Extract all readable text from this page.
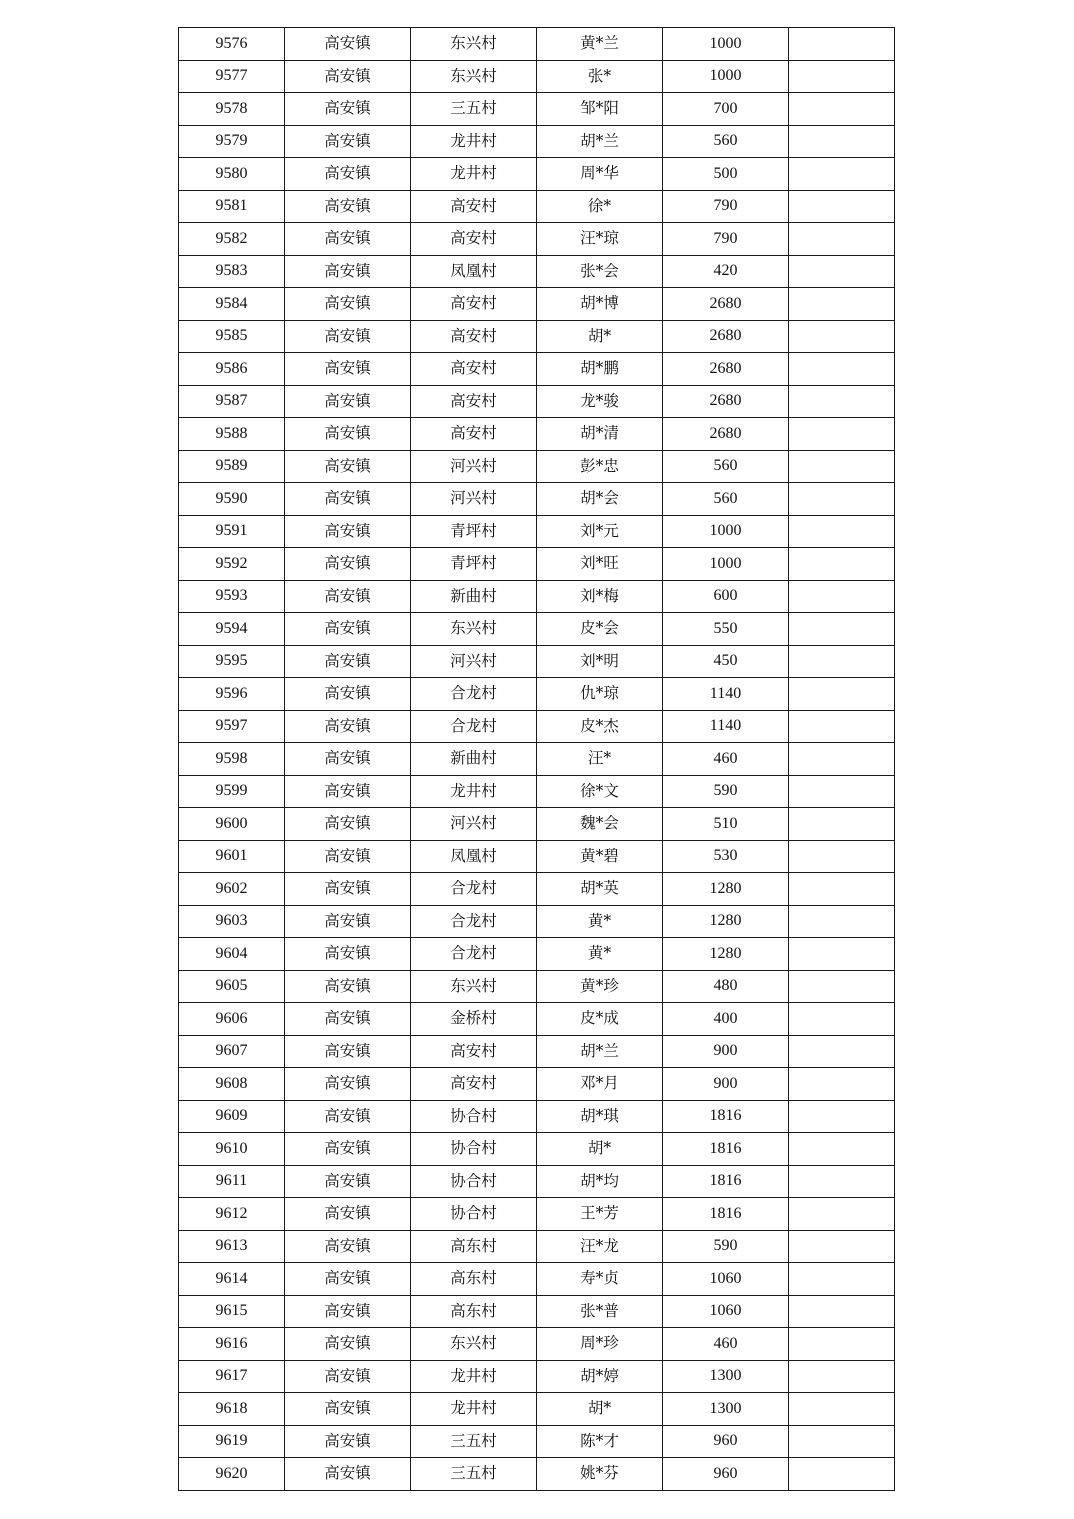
9576	高安镇	东兴村	黄*兰	1000	
9577	高安镇	东兴村	张*	1000	
9578	高安镇	三五村	邹*阳	700	
9579	高安镇	龙井村	胡*兰	560	
9580	高安镇	龙井村	周*华	500	
9581	高安镇	高安村	徐*	790	
9582	高安镇	高安村	汪*琼	790	
9583	高安镇	凤凰村	张*会	420	
9584	高安镇	高安村	胡*博	2680	
9585	高安镇	高安村	胡*	2680	
9586	高安镇	高安村	胡*鹏	2680	
9587	高安镇	高安村	龙*骏	2680	
9588	高安镇	高安村	胡*清	2680	
9589	高安镇	河兴村	彭*忠	560	
9590	高安镇	河兴村	胡*会	560	
9591	高安镇	青坪村	刘*元	1000	
9592	高安镇	青坪村	刘*旺	1000	
9593	高安镇	新曲村	刘*梅	600	
9594	高安镇	东兴村	皮*会	550	
9595	高安镇	河兴村	刘*明	450	
9596	高安镇	合龙村	仇*琼	1140	
9597	高安镇	合龙村	皮*杰	1140	
9598	高安镇	新曲村	汪*	460	
9599	高安镇	龙井村	徐*文	590	
9600	高安镇	河兴村	魏*会	510	
9601	高安镇	凤凰村	黄*碧	530	
9602	高安镇	合龙村	胡*英	1280	
9603	高安镇	合龙村	黄*	1280	
9604	高安镇	合龙村	黄*	1280	
9605	高安镇	东兴村	黄*珍	480	
9606	高安镇	金桥村	皮*成	400	
9607	高安镇	高安村	胡*兰	900	
9608	高安镇	高安村	邓*月	900	
9609	高安镇	协合村	胡*琪	1816	
9610	高安镇	协合村	胡*	1816	
9611	高安镇	协合村	胡*均	1816	
9612	高安镇	协合村	王*芳	1816	
9613	高安镇	高东村	汪*龙	590	
9614	高安镇	高东村	寿*贞	1060	
9615	高安镇	高东村	张*普	1060	
9616	高安镇	东兴村	周*珍	460	
9617	高安镇	龙井村	胡*婷	1300	
9618	高安镇	龙井村	胡*	1300	
9619	高安镇	三五村	陈*才	960	
9620	高安镇	三五村	姚*芬	960	
